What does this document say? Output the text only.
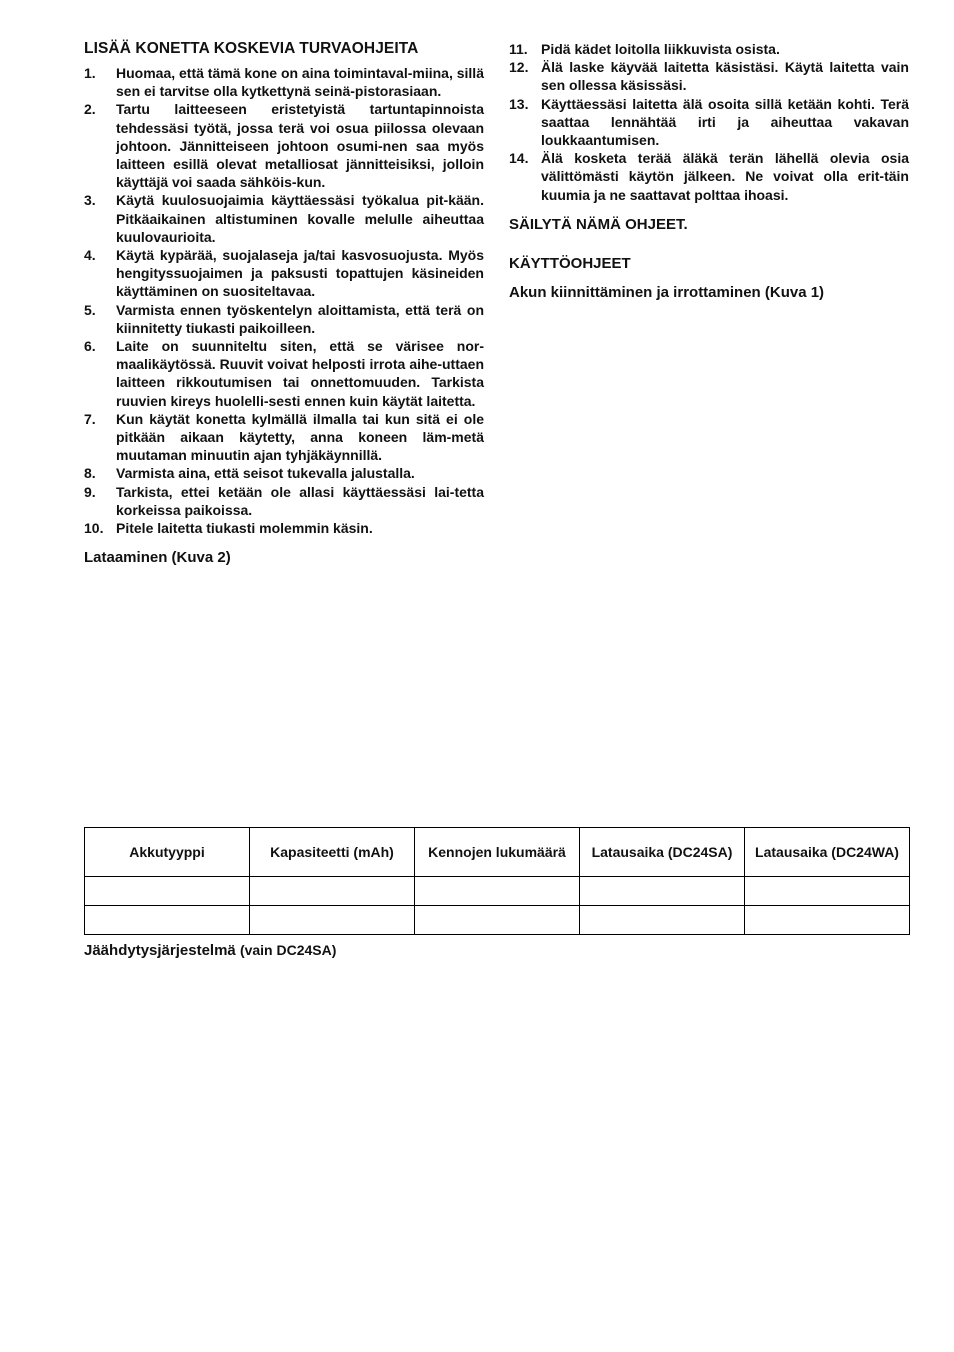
LISÄÄ KONETTA KOSKEVIA TURVAOHJEITA
1. Huomaa, että tämä kone on aina toimintaval-miina, sillä sen ei tarvitse olla kytkettynä seinä-pistorasiaan.
2. Tartu laitteeseen eristetyistä tartuntapinnoista tehdessäsi työtä, jossa terä voi osua piilossa olevaan johtoon. Jännitteiseen johtoon osumi-nen saa myös laitteen esillä olevat metalliosat jännitteisiksi, jolloin käyttäjä voi saada sähköis-kun.
3. Käytä kuulosuojaimia käyttäessäsi työkalua pit-kään. Pitkäaikainen altistuminen kovalle melulle aiheuttaa kuulovaurioita.
4. Käytä kypärää, suojalaseja ja/tai kasvosuojusta. Myös hengityssuojaimen ja paksusti topattujen käsineiden käyttäminen on suositeltavaa.
5. Varmista ennen työskentelyn aloittamista, että terä on kiinnitetty tiukasti paikoilleen.
6. Laite on suunniteltu siten, että se värisee nor-maalikäytössä. Ruuvit voivat helposti irrota aihe-uttaen laitteen rikkoutumisen tai onnettomuuden. Tarkista ruuvien kireys huolelli-sesti ennen kuin käytät laitetta.
7. Kun käytät konetta kylmällä ilmalla tai kun sitä ei ole pitkään aikaan käytetty, anna koneen läm-metä muutaman minuutin ajan tyhjäkäynnillä.
8. Varmista aina, että seisot tukevalla jalustalla.
9. Tarkista, ettei ketään ole allasi käyttäessäsi lai-tetta korkeissa paikoissa.
10. Pitele laitetta tiukasti molemmin käsin.

Lataaminen (Kuva 2)

11. Pidä kädet loitolla liikkuvista osista.
12. Älä laske käyvää laitetta käsistäsi. Käytä laitetta vain sen ollessa käsissäsi.
13. Käyttäessäsi laitetta älä osoita sillä ketään kohti. Terä saattaa lennähtää irti ja aiheuttaa vakavan loukkaantumisen.
14. Älä kosketa terää äläkä terän lähellä olevia osia välittömästi käytön jälkeen. Ne voivat olla erit-täin kuumia ja ne saattavat polttaa ihoasi.

SÄILYTÄ NÄMÄ OHJEET.

KÄYTTÖOHJEET

Akun kiinnittäminen ja irrottaminen (Kuva 1)

Akkutyyppi	Kapasiteetti (mAh)	Kennojen lukumäärä	Latausaika (DC24SA)	Latausaika (DC24WA)

Jäähdytysjärjestelmä (vain DC24SA)
